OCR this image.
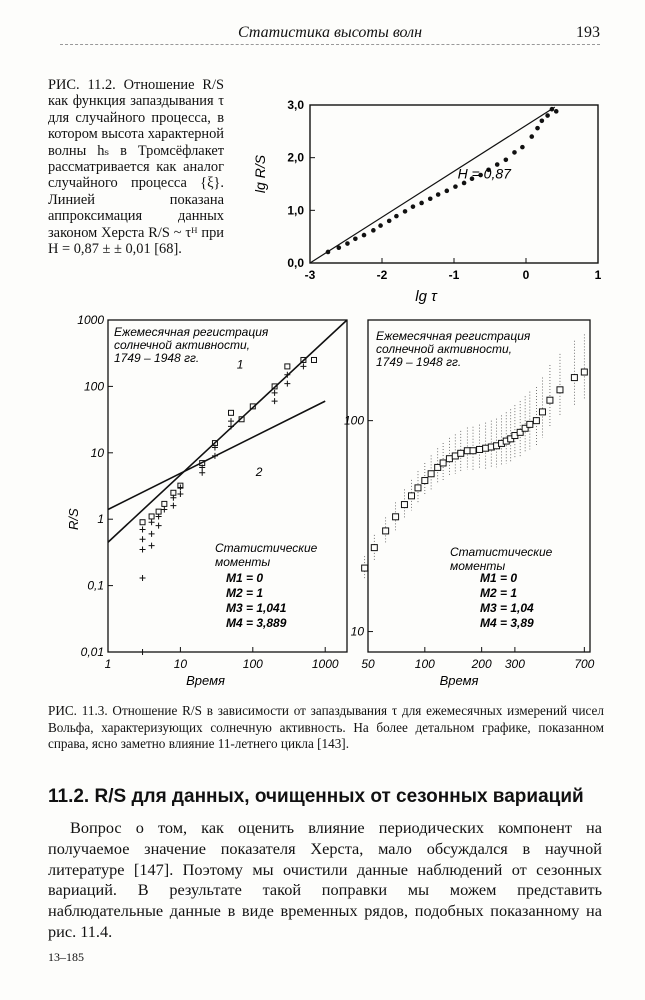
Статистика высоты волн	193
РИС. 11.2. Отношение R/S как функция запаздывания τ для случайного процесса, в котором высота характерной волны hₛ в Тромсёфлакет рассматривается как аналог случайного процесса {ξ}. Линией показана аппроксимация данных законом Херста R/S ~ τᴴ при H = 0,87 ± ± 0,01 [68].
-3	-2	-1	0	1
0,0
1,0
2,0
3,0
lg τ
lg R/S	H = 0,87
1	10	100	1000
0,01
0,1
1
10
100
1000
Время
R/S
Ежемесячная регистрация
солнечной активности,
1749 – 1948 гг.	1
2
Статистические
моменты
M1 = 0
M2 = 1
M3 = 1,041
M4 = 3,889
50	100	200 300	700
10
100
Время
Ежемесячная регистрация
солнечной активности,
1749 – 1948 гг.
Статистические
моменты
M1 = 0
M2 = 1
M3 = 1,04
M4 = 3,89
РИС. 11.3. Отношение R/S в зависимости от запаздывания τ для ежемесячных измерений чисел Вольфа, характеризующих солнечную активность. На более детальном графике, показанном справа, ясно заметно влияние 11-летнего цикла [143].
11.2. R/S для данных, очищенных от сезонных вариаций
Вопрос о том, как оценить влияние периодических компонент на получаемое значение показателя Херста, мало обсуждался в научной литературе [147]. Поэтому мы очистили данные наблюдений от сезонных вариаций. В результате такой поправки мы можем представить наблюдательные данные в виде временных рядов, подобных показанному на рис. 11.4.
13–185
